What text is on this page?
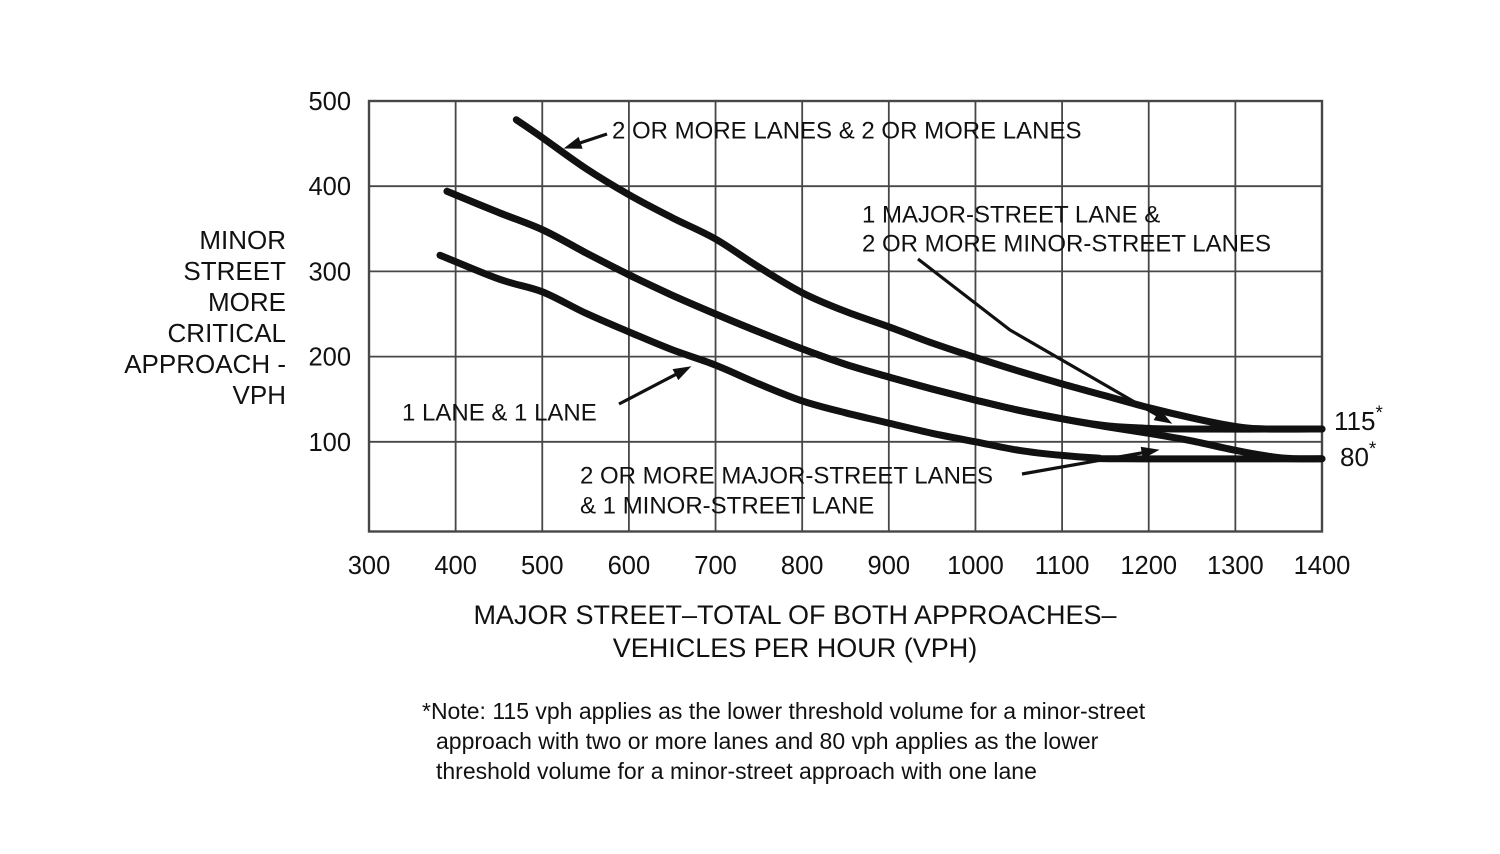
2 OR MORE LANES & 2 OR MORE LANES
1 MAJOR-STREET LANE &
2 OR MORE MINOR-STREET LANES
1 LANE & 1 LANE
2 OR MORE MAJOR-STREET LANES
& 1 MINOR-STREET LANE
115*
80*
500
400
300
200
100
300 400 500 600 700 800 900 1000 1100 1200 1300 1400
MINOR
STREET
MORE
CRITICAL
APPROACH -
VPH
MAJOR STREET–TOTAL OF BOTH APPROACHES–
VEHICLES PER HOUR (VPH)
*Note: 115 vph applies as the lower threshold volume for a minor-street
approach with two or more lanes and 80 vph applies as the lower
threshold volume for a minor-street approach with one lane
